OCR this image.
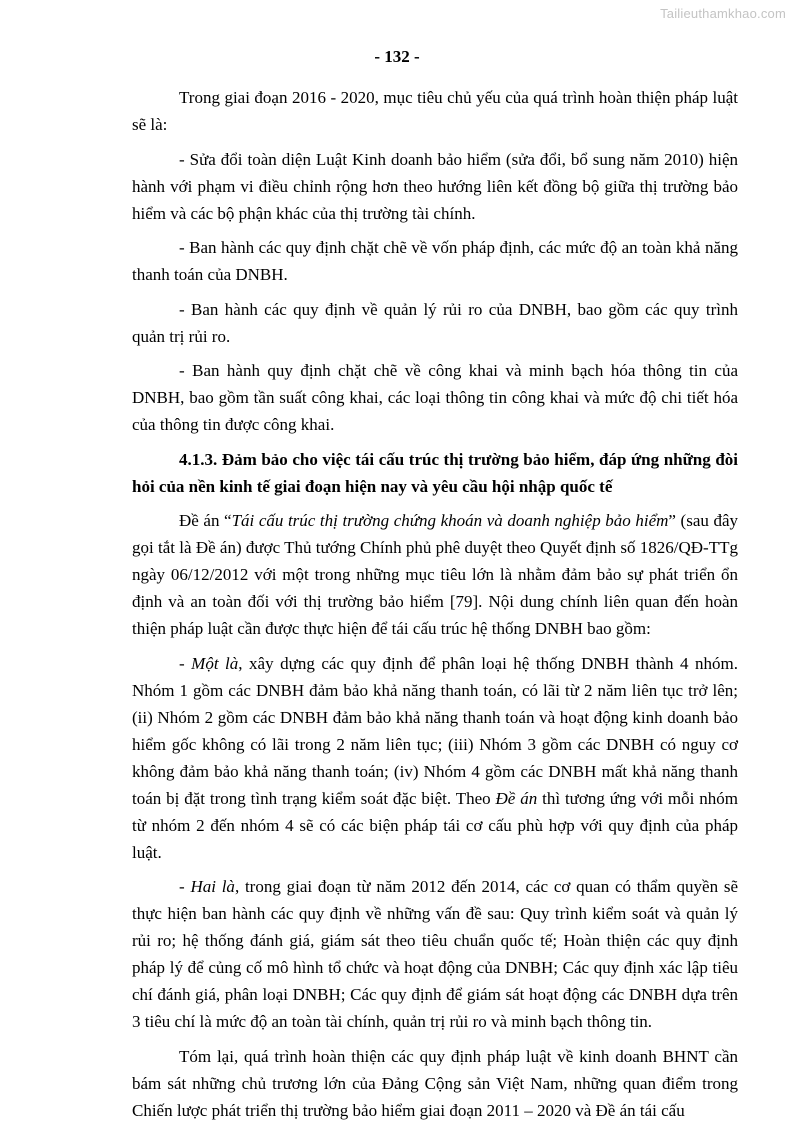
Tailieuthamkhao.com
- 132 -

Trong giai đoạn 2016 - 2020, mục tiêu chủ yếu của quá trình hoàn thiện pháp luật sẽ là:

- Sửa đổi toàn diện Luật Kinh doanh bảo hiểm (sửa đổi, bổ sung năm 2010) hiện hành với phạm vi điều chỉnh rộng hơn theo hướng liên kết đồng bộ giữa thị trường bảo hiểm và các bộ phận khác của thị trường tài chính.

- Ban hành các quy định chặt chẽ về vốn pháp định, các mức độ an toàn khả năng thanh toán của DNBH.

- Ban hành các quy định về quản lý rủi ro của DNBH, bao gồm các quy trình quản trị rủi ro.

- Ban hành quy định chặt chẽ về công khai và minh bạch hóa thông tin của DNBH, bao gồm tần suất công khai, các loại thông tin công khai và mức độ chi tiết hóa của thông tin được công khai.

4.1.3. Đảm bảo cho việc tái cấu trúc thị trường bảo hiểm, đáp ứng những đòi hỏi của nền kinh tế giai đoạn hiện nay và yêu cầu hội nhập quốc tế

Đề án “Tái cấu trúc thị trường chứng khoán và doanh nghiệp bảo hiểm” (sau đây gọi tắt là Đề án) được Thủ tướng Chính phủ phê duyệt theo Quyết định số 1826/QĐ-TTg ngày 06/12/2012 với một trong những mục tiêu lớn là nhằm đảm bảo sự phát triển ổn định và an toàn đối với thị trường bảo hiểm [79]. Nội dung chính liên quan đến hoàn thiện pháp luật cần được thực hiện để tái cấu trúc hệ thống DNBH bao gồm:

- Một là, xây dựng các quy định để phân loại hệ thống DNBH thành 4 nhóm. Nhóm 1 gồm các DNBH đảm bảo khả năng thanh toán, có lãi từ 2 năm liên tục trở lên; (ii) Nhóm 2 gồm các DNBH đảm bảo khả năng thanh toán và hoạt động kinh doanh bảo hiểm gốc không có lãi trong 2 năm liên tục; (iii) Nhóm 3 gồm các DNBH có nguy cơ không đảm bảo khả năng thanh toán; (iv) Nhóm 4 gồm các DNBH mất khả năng thanh toán bị đặt trong tình trạng kiểm soát đặc biệt. Theo Đề án thì tương ứng với mỗi nhóm từ nhóm 2 đến nhóm 4 sẽ có các biện pháp tái cơ cấu phù hợp với quy định của pháp luật.

- Hai là, trong giai đoạn từ năm 2012 đến 2014, các cơ quan có thẩm quyền sẽ thực hiện ban hành các quy định về những vấn đề sau: Quy trình kiểm soát và quản lý rủi ro; hệ thống đánh giá, giám sát theo tiêu chuẩn quốc tế; Hoàn thiện các quy định pháp lý để củng cố mô hình tổ chức và hoạt động của DNBH; Các quy định xác lập tiêu chí đánh giá, phân loại DNBH; Các quy định để giám sát hoạt động các DNBH dựa trên 3 tiêu chí là mức độ an toàn tài chính, quản trị rủi ro và minh bạch thông tin.

Tóm lại, quá trình hoàn thiện các quy định pháp luật về kinh doanh BHNT cần bám sát những chủ trương lớn của Đảng Cộng sản Việt Nam, những quan điểm trong Chiến lược phát triển thị trường bảo hiểm giai đoạn 2011 – 2020 và Đề án tái cấu
